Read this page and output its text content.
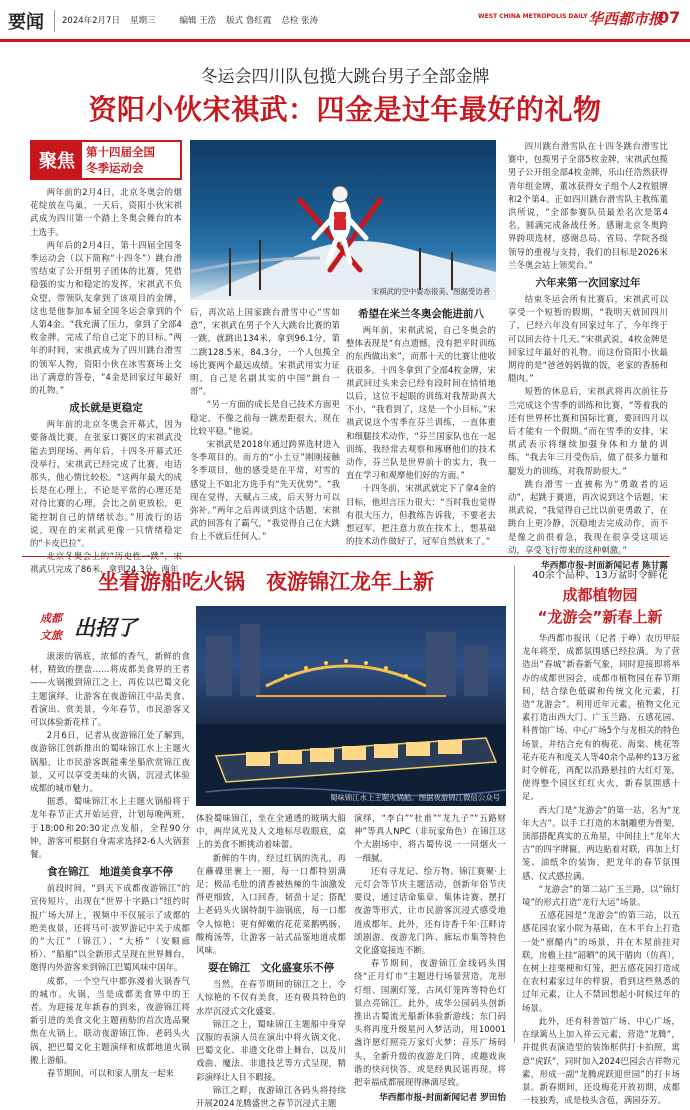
要闻 2024年2月7日 星期三	编辑 王浩 版式 鲁红霞 总检 张涛	WEST CHINA METROPOLIS DAILY 华西都市报
07
冬运会四川队包揽大跳台男子全部金牌
资阳小伙宋祺武：四金是过年最好的礼物
聚焦 第十四届全国
冬季运动会

两年前的2月4日，北京冬奥会的烟花绽放在鸟巢，一天后，资阳小伙宋祺武成为四川第一个踏上冬奥会舞台的本土选手。

两年后的2月4日，第十四届全国冬季运动会（以下简称“十四冬”）跳台滑雪结束了公开组男子团体的比赛，凭借稳强的实力和稳定的发挥，宋祺武不负众望，带领队友拿到了该项目的金牌，这也是他参加本届全国冬运会拿到的个人第4金。“我充满了压力，拿到了全部4枚金牌，完成了给自己定下的目标。”两年的时间，宋祺武成为了四川跳台滑雪的领军人物，资阳小伙在冰雪赛场上交出了满意的答卷，“4金是回家过年最好的礼物。”

成长就是更稳定

两年前的北京冬奥会开幕式，因为要备战比赛，在张家口赛区的宋祺武没能去到现场。两年后，十四冬开幕式还没举行，宋祺武已经完成了比赛，电话那头，他心情比较松。“这两年最大的成长是在心理上，不论是平常的心理还是对待比赛的心理，会比之前更放松，更能控制自己的情绪状态。”用流行的话说，现在的宋祺武更像一只情绪稳定的“卡皮巴拉”。

祺武只完成了86米，拿到24.3分。两年

宋祺武的空中姿态很美。图据受访者

后，再次站上国家跳台滑雪中心“雪如意”，宋祺武在男子个人大跳台比赛的第一跳，就跳出134米，拿到96.1分，第二跳128.5米，84.3分，一个人包揽全场比赛两个最远成绩。宋祺武用实力证明，自己是名副其实的中国“跳台一哥”。

“另一方面的成长是自己技术方面更稳定，不像之前每一跳差距很大，现在比较平稳。”他说。

宋祺武是2018年通过跨界选材进入冬季项目的。而方的“小土豆”刚刚接触冬季项目，他的感受是在平常，对雪的感觉上不如北方选手有“先天优势”。“我现在觉得，天赋占三成，后天努力可以弥补。”两年之后再谈到这个话题，宋祺武的回答有了霸气，“我觉得自己在大跳台上不就后任何人。”

希望在米兰冬奥会能进前八

两年前，宋祺武说，自己冬奥会的整体表现是“有点遗憾，没有把平时训练的东西做出来”，而那十天的比赛让他收获很多。十四冬拿到了全部4枚金牌，宋祺武回过头来会已经有段时间在悄悄地以后，这位不起眼的训练对我帮助真大不小，“我看到了，这是一个小目标。”宋祺武说这个雪季在芬兰训练，一直体重和细腿技术动作，“芬兰国家队也在一起训练，我经常去观察和琢磨他们的技术动作，芬兰队是世界前十的实力，我一直在学习和观摩他们好的方面。”

十四冬前，宋祺武就定下了拿4金的目标，他坦言压力很大：“当时我也觉得有很大压力，但教练告诉我，不要老去想冠军，把注意力放在技术上，想基础的技术动作做好了，冠军自然就来了。”

四川跳台滑雪队在十四冬跳台滑雪比赛中，包揽男子全部5枚金牌，宋祺武包揽男子公开组全部4枚金牌，乐山任浩然获得青年组金牌，董冰获得女子组个人2枚银牌和2个第4。正如四川跳台滑雪队主教练董洪所说，“全部参赛队员最差名次是第4名，圆满完成备战任务。感谢北京冬奥跨界跨项选材，感谢总局、省局、学院各级领导的重视与支持，我们的目标是2026米兰冬奥会站上领奖台。”

六年来第一次回家过年

结束冬运会所有比赛后，宋祺武可以享受一个短暂的假期，“我明天就回四川了，已经六年没有回家过年了，今年终于可以回去待十几天。”宋祺武说，4枚金牌是回家过年最好的礼物。而这份资阳小伙最期待的是“爸爸妈妈做的饭，老家的香肠和腊肉。”

短暂的休息后，宋祺武将再次前往芬兰完成这个雪季的训练和比赛，“等着我的还有世界杯比赛和国际比赛，要回四月以后才能有一个假期。”而在雪季的安排，宋祺武表示将继续加强身体和力量的训练，“我去年三月受伤后，做了很多力量和腿发力的训练，对我帮助很大。”

跳台滑雪一直被称为“勇敢者的运动”，起跳于赛道，再次说到这个话题，宋祺武说，“我觉得自己比以前更勇敢了，在跳台上更冷静，沉稳地去完成动作，而不是像之前很着急，我现在很享受这项运动，享受飞行带来的这种刺激。”

华西都市报-封面新闻记者 陈甘露
坐着游船吃火锅　夜游锦江龙年上新
成都
文旅 出招了
蜀味锦江水上主题火锅船。图据夜游锦江微信公众号

滚滚的锅底，浓郁的香气，新鲜的食材，精致的摆盘……将成都美食界的王者——火锅搬到锦江之上，再佐以巴蜀文化主题演绎，让游客在夜游锦江中品美食、看演出、赏美景，今年春节，市民游客又可以体验新花样了。

2月6日，记者从夜游锦江处了解到，夜游锦江创新推出的蜀味锦江水上主题火锅船，让市民游客既能乘坐船欣赏锦江夜景，又可以享受美味的火锅，沉浸式体验成都的城市魅力。

据悉，蜀味锦江水上主题火锅船将于龙年春节正式开始运营，计划每晚两班，于18:00和20:30定点发船，全程90分钟，游客可根据自身需求选择2-6人火锅套餐。

食在锦江　地道美食享不停

前段时间，“到天下成都夜游锦江”的宣传短片，出现在“世界十字路口”纽约时报广场大屏上，视频中不仅展示了成都的绝美夜景，还将马可·波罗游记中关于成都的“大江”（锦江）、“大桥”（安顺廊桥）、“船舶”以全新形式呈现在世界舞台，邀得内外游客来到锦江巴蜀风味中国年。

成都，一个空气中都弥漫着火锅香气的城市。火锅，当是成都美食界中的王者。为迎接龙年新春的到来，夜游锦江将新引进的美食文化主题画舫的首次选品聚焦在火锅上，联动夜游锦江饰、老码头火锅，把巴蜀文化主题演绎和成都地道火锅搬上游船。

春节期间，可以和家人朋友一起来

体验蜀味锦江，坐在全通透的玻璃大船中，两岸风光及人文地标尽收眼底，桌上的美食不断挑动着味蕾。

新鲜的牛肉，经过红锅的洗礼，再在蘸碟里裹上一圈，每一口都特别满足；极品毛肚的清香被热辣的牛油激发得更细致，入口回香，韧劲十足；搭配上老码头火锅特制牛油锅底，每一口都令人惊艳；更有鲜嫩的花花菜鹅鸭肠、酸梅汤等，让游客一站式品鉴地道成都风味。

耍在锦江　文化盛宴乐不停

当然，在春节期间的锦江之上，令人惊艳的不仅有美食，还有极具特色的水岸沉浸式文化盛宴。

锦江之上，蜀味锦江主题船中身穿汉服的表演人员在演出中将火锅文化、巴蜀文化、非遗文化带上舞台，以及川戏曲、魔法、非遗技艺等方式呈现，精彩演绎让人目不暇接。

锦江之畔，夜游锦江各码头将持续开展2024龙腾盛世之春节沉浸式主题

演绎，“李白”“杜甫”“龙九子”“五路财神”等真人NPC（非玩家角色）在锦江这个大剧场中，将古蜀传说一一同烟火一一细腻。

还有寻龙记、绘万物、锦江赛聚·上元灯会等节庆主题活动，创新年俗节庆要设，通过话命集章、集体诗赛、摆打夜游等形式，让市民游客沉浸式感受地道成都年。此外，还有诗香千年·江畔诗颂剧游、夜游龙门阵、廊坛市集等特色文化盛宴接连不断。

春节期间，夜游锦江金线码头围绕“正月灯市”主题进行场景营造，龙形灯组、国潮灯笼，古风灯笼阵等特色灯景点亮锦江。此外，成华公园码头创新推出古蜀流光船新体验新游线；东门码头将再度升级星河入梦活动，用10001盏许愿灯照亮万家灯火梦；音乐广场码头，全新升级的夜游龙门阵，或趣戏诙谐的快问快答，或是经典民谣再现，将把幸福成都展现得淋漓尽致。

华西都市报-封面新闻记者 罗田怡
40余个品种、13万盆时令鲜花
成都植物园
“龙游会”新春上新

华西都市报讯（记者 于峥）农历甲辰龙年将至，成都氛围感已经拉满。为了营造出“春城”新春新气象，同时迎接即将举办的成都世园会，成都市植物园在春节期间，结合绿色低碳和传统文化元素，打造“龙游会”。利用近年元素，植物文化元素打造出西大门、广玉兰路、五感花园、科普馆广场、中心广场5个与龙相关的特色场景，并结合充有的梅花、海棠、桃花等花卉花卉和度关人等40余个品种约13万盆时令鲜花，再配以沿路悬挂的大红灯笼，使得整个园区红红火火，新春氛围感十足。

西大门是“龙游会”的第一站，名为“龙年大吉”。以手工打造的木制雕塑为骨架，顶部搭配真实的五角星，中间挂上“龙年大吉”的四字牌匾，两边贴着对联，再加上灯笼、油纸伞的装饰，把龙年的春节氛围感、仪式感拉满。

“龙游会”的第二站广玉兰路，以“锦灯境”的形式打造“龙行大运”场景。

五感花园是“龙游会”的第三站，以五感花园农家小院为基础，在木平台上打造一处“禀醋内”的场景，并在木屋前挂对联，房檐上挂“韶晒”的风干腊肉（仿真），在树上挂栗梗和灯笼，把五感花园打造成在农村素家过年的样貌，看到这些熟悉的过年元素，让人不禁回想起小时候过年的场景。

此外，还有科普馆广场、中心广场，在绿篱丛上加入祥云元素，营造“龙腾”，并提供表演造型的装饰框供打卡拍照，寓意“虎跃”，同时加入2024巴园会吉祥物元素，形成一副“龙腾虎跃迎世园”的打卡场景。新春期间，还设梅花开放初期，成都一枝独秀，成是枝头含苞，满园芬芳。
